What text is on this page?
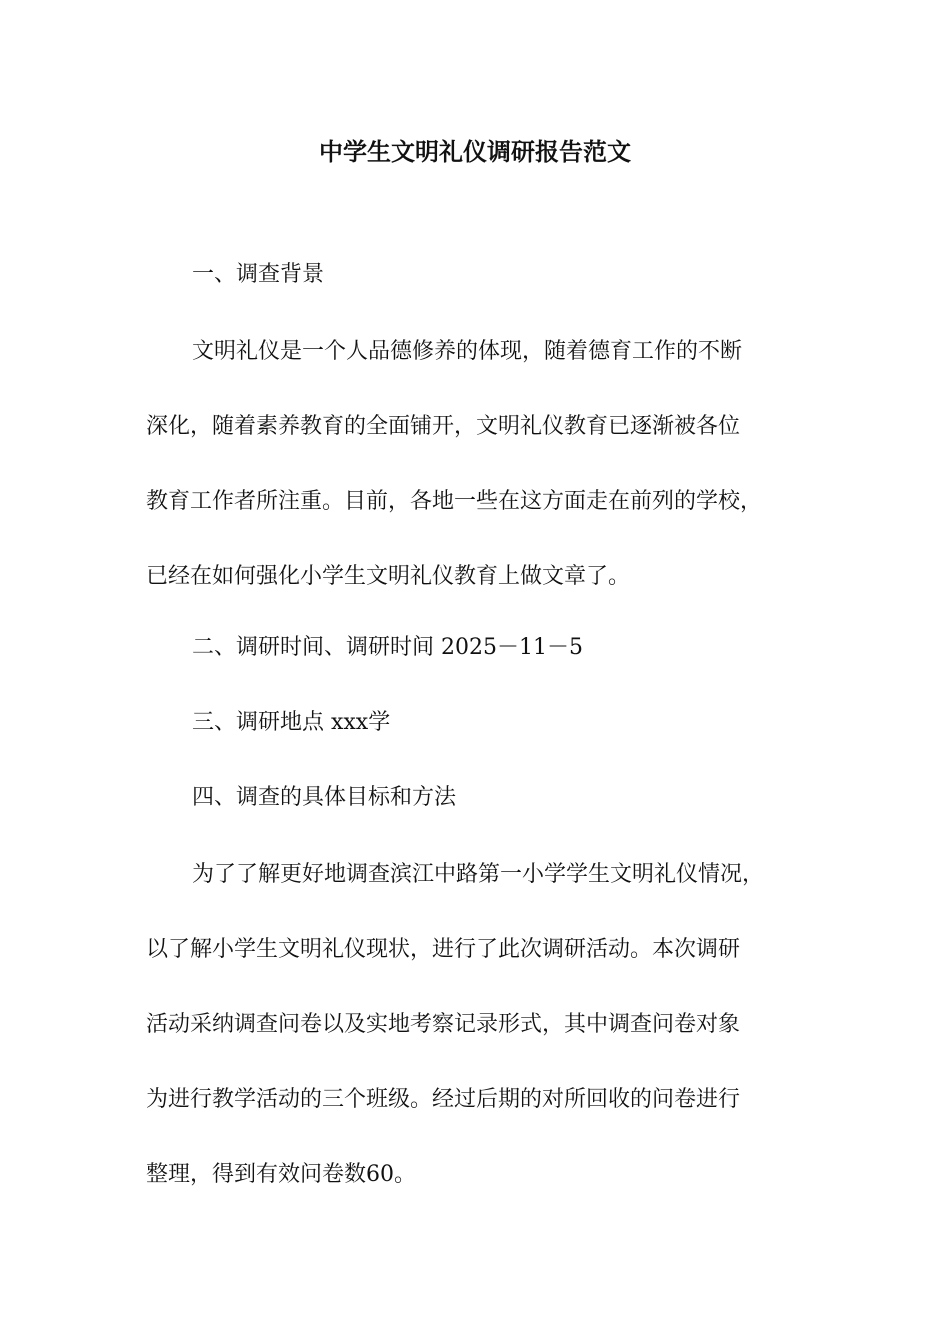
中学生文明礼仪调研报告范文

一、调查背景

文明礼仪是一个人品德修养的体现，随着德育工作的不断
深化，随着素养教育的全面铺开，文明礼仪教育已逐渐被各位
教育工作者所注重。目前，各地一些在这方面走在前列的学校，
已经在如何强化小学生文明礼仪教育上做文章了。

二、调研时间、调研时间 2025－11－5

三、调研地点 xxx学

四、调查的具体目标和方法

为了了解更好地调查滨江中路第一小学学生文明礼仪情况，
以了解小学生文明礼仪现状，进行了此次调研活动。本次调研
活动采纳调查问卷以及实地考察记录形式，其中调查问卷对象
为进行教学活动的三个班级。经过后期的对所回收的问卷进行
整理，得到有效问卷数60。
